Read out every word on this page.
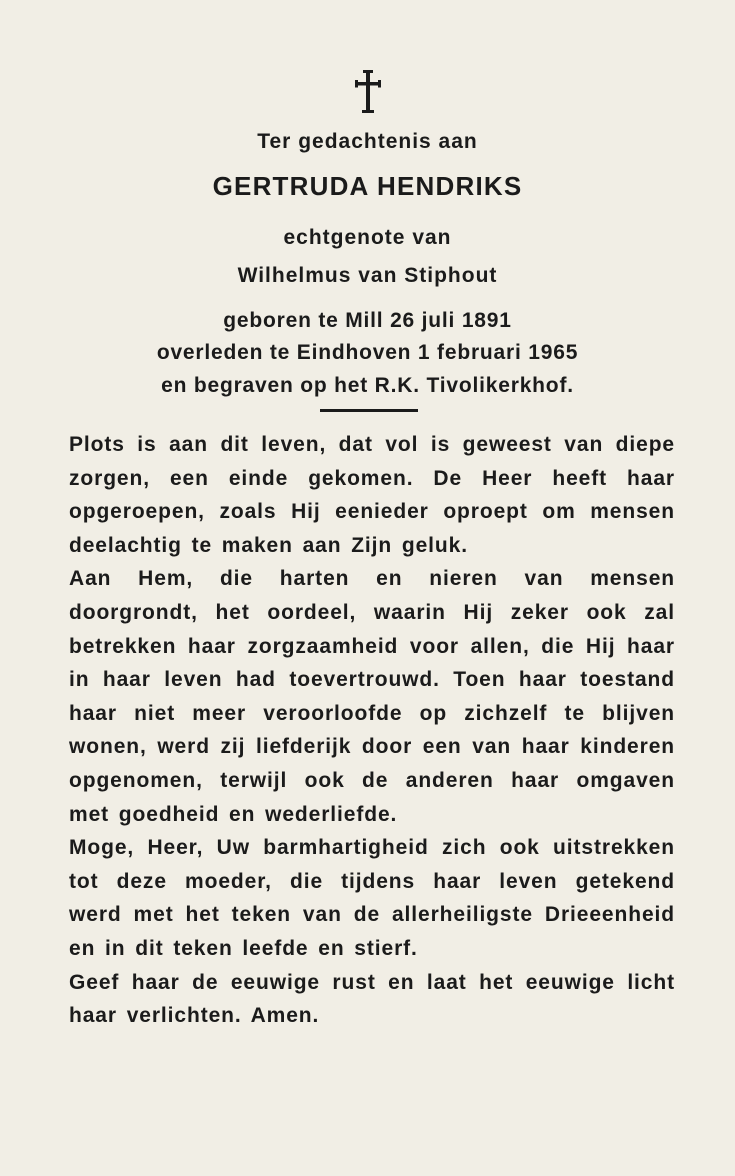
Ter gedachtenis aan
GERTRUDA HENDRIKS
echtgenote van
Wilhelmus van Stiphout
geboren te Mill 26 juli 1891
overleden te Eindhoven 1 februari 1965
en begraven op het R.K. Tivolikerkhof.

Plots is aan dit leven, dat vol is geweest van diepe zorgen, een einde gekomen. De Heer heeft haar opgeroepen, zoals Hij eenieder oproept om mensen deelachtig te maken aan Zijn geluk.

Aan Hem, die harten en nieren van mensen doorgrondt, het oordeel, waarin Hij zeker ook zal betrekken haar zorgzaamheid voor allen, die Hij haar in haar leven had toevertrouwd. Toen haar toestand haar niet meer veroorloofde op zichzelf te blijven wonen, werd zij liefderijk door een van haar kinderen opgenomen, terwijl ook de anderen haar omgaven met goedheid en wederliefde.

Moge, Heer, Uw barmhartigheid zich ook uitstrekken tot deze moeder, die tijdens haar leven getekend werd met het teken van de allerheiligste Drieeenheid en in dit teken leefde en stierf.

Geef haar de eeuwige rust en laat het eeuwige licht haar verlichten. Amen.
